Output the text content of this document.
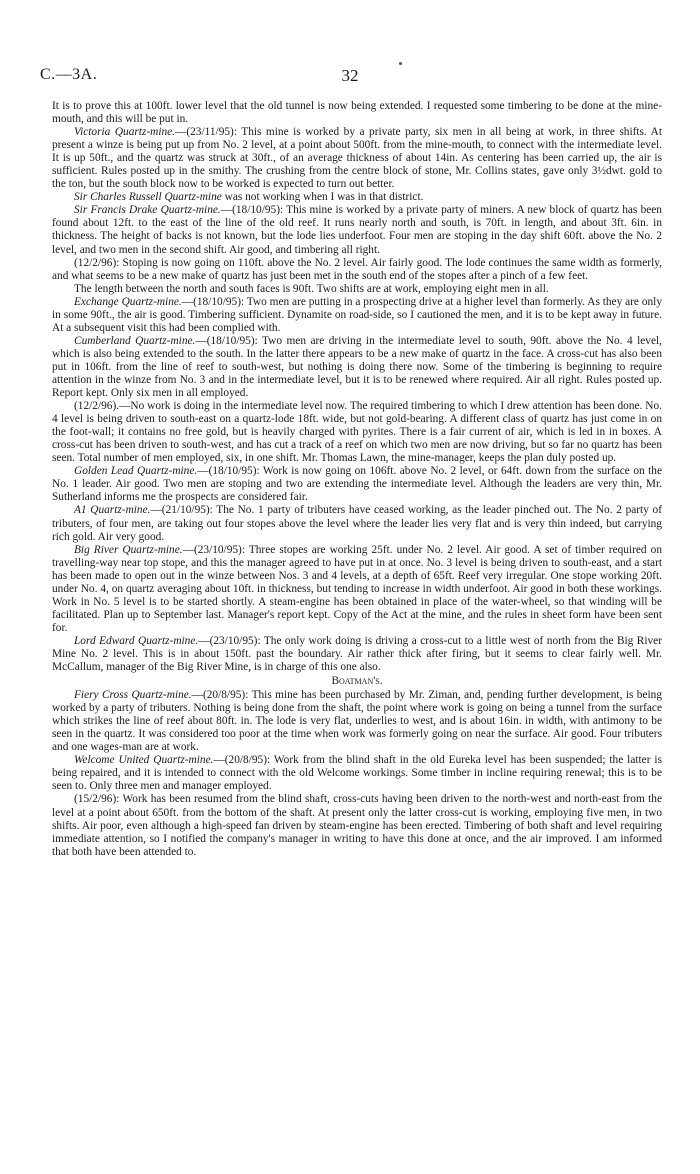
C.—3A.	32

It is to prove this at 100ft. lower level that the old tunnel is now being extended. I requested some timbering to be done at the mine-mouth, and this will be put in.

Victoria Quartz-mine.—(23/11/95): This mine is worked by a private party, six men in all being at work, in three shifts. At present a winze is being put up from No. 2 level, at a point about 500ft. from the mine-mouth, to connect with the intermediate level. It is up 50ft., and the quartz was struck at 30ft., of an average thickness of about 14in. As centering has been carried up, the air is sufficient. Rules posted up in the smithy. The crushing from the centre block of stone, Mr. Collins states, gave only 3½dwt. gold to the ton, but the south block now to be worked is expected to turn out better.

Sir Charles Russell Quartz-mine was not working when I was in that district.

Sir Francis Drake Quartz-mine.—(18/10/95): This mine is worked by a private party of miners. A new block of quartz has been found about 12ft. to the east of the line of the old reef. It runs nearly north and south, is 70ft. in length, and about 3ft. 6in. in thickness. The height of backs is not known, but the lode lies underfoot. Four men are stoping in the day shift 60ft. above the No. 2 level, and two men in the second shift. Air good, and timbering all right.

(12/2/96): Stoping is now going on 110ft. above the No. 2 level. Air fairly good. The lode continues the same width as formerly, and what seems to be a new make of quartz has just been met in the south end of the stopes after a pinch of a few feet.

The length between the north and south faces is 90ft. Two shifts are at work, employing eight men in all.

Exchange Quartz-mine.—(18/10/95): Two men are putting in a prospecting drive at a higher level than formerly. As they are only in some 90ft., the air is good. Timbering sufficient. Dynamite on road-side, so I cautioned the men, and it is to be kept away in future. At a subsequent visit this had been complied with.

Cumberland Quartz-mine.—(18/10/95): Two men are driving in the intermediate level to south, 90ft. above the No. 4 level, which is also being extended to the south. In the latter there appears to be a new make of quartz in the face. A cross-cut has also been put in 106ft. from the line of reef to south-west, but nothing is doing there now. Some of the timbering is beginning to require attention in the winze from No. 3 and in the intermediate level, but it is to be renewed where required. Air all right. Rules posted up. Report kept. Only six men in all employed.

(12/2/96).—No work is doing in the intermediate level now. The required timbering to which I drew attention has been done. No. 4 level is being driven to south-east on a quartz-lode 18ft. wide, but not gold-bearing. A different class of quartz has just come in on the foot-wall; it contains no free gold, but is heavily charged with pyrites. There is a fair current of air, which is led in in boxes. A cross-cut has been driven to south-west, and has cut a track of a reef on which two men are now driving, but so far no quartz has been seen. Total number of men employed, six, in one shift. Mr. Thomas Lawn, the mine-manager, keeps the plan duly posted up.

Golden Lead Quartz-mine.—(18/10/95): Work is now going on 106ft. above No. 2 level, or 64ft. down from the surface on the No. 1 leader. Air good. Two men are stoping and two are extending the intermediate level. Although the leaders are very thin, Mr. Sutherland informs me the prospects are considered fair.

A1 Quartz-mine.—(21/10/95): The No. 1 party of tributers have ceased working, as the leader pinched out. The No. 2 party of tributers, of four men, are taking out four stopes above the level where the leader lies very flat and is very thin indeed, but carrying rich gold. Air very good.

Big River Quartz-mine.—(23/10/95): Three stopes are working 25ft. under No. 2 level. Air good. A set of timber required on travelling-way near top stope, and this the manager agreed to have put in at once. No. 3 level is being driven to south-east, and a start has been made to open out in the winze between Nos. 3 and 4 levels, at a depth of 65ft. Reef very irregular. One stope working 20ft. under No. 4, on quartz averaging about 10ft. in thickness, but tending to increase in width underfoot. Air good in both these workings. Work in No. 5 level is to be started shortly. A steam-engine has been obtained in place of the water-wheel, so that winding will be facilitated. Plan up to September last. Manager's report kept. Copy of the Act at the mine, and the rules in sheet form have been sent for.

Lord Edward Quartz-mine.—(23/10/95): The only work doing is driving a cross-cut to a little west of north from the Big River Mine No. 2 level. This is in about 150ft. past the boundary. Air rather thick after firing, but it seems to clear fairly well. Mr. McCallum, manager of the Big River Mine, is in charge of this one also.

Boatman's.

Fiery Cross Quartz-mine.—(20/8/95): This mine has been purchased by Mr. Ziman, and, pending further development, is being worked by a party of tributers. Nothing is being done from the shaft, the point where work is going on being a tunnel from the surface which strikes the line of reef about 80ft. in. The lode is very flat, underlies to west, and is about 16in. in width, with antimony to be seen in the quartz. It was considered too poor at the time when work was formerly going on near the surface. Air good. Four tributers and one wages-man are at work.

Welcome United Quartz-mine.—(20/8/95): Work from the blind shaft in the old Eureka level has been suspended; the latter is being repaired, and it is intended to connect with the old Welcome workings. Some timber in incline requiring renewal; this is to be seen to. Only three men and manager employed.

(15/2/96): Work has been resumed from the blind shaft, cross-cuts having been driven to the north-west and north-east from the level at a point about 650ft. from the bottom of the shaft. At present only the latter cross-cut is working, employing five men, in two shifts. Air poor, even although a high-speed fan driven by steam-engine has been erected. Timbering of both shaft and level requiring immediate attention, so I notified the company's manager in writing to have this done at once, and the air improved. I am informed that both have been attended to.
